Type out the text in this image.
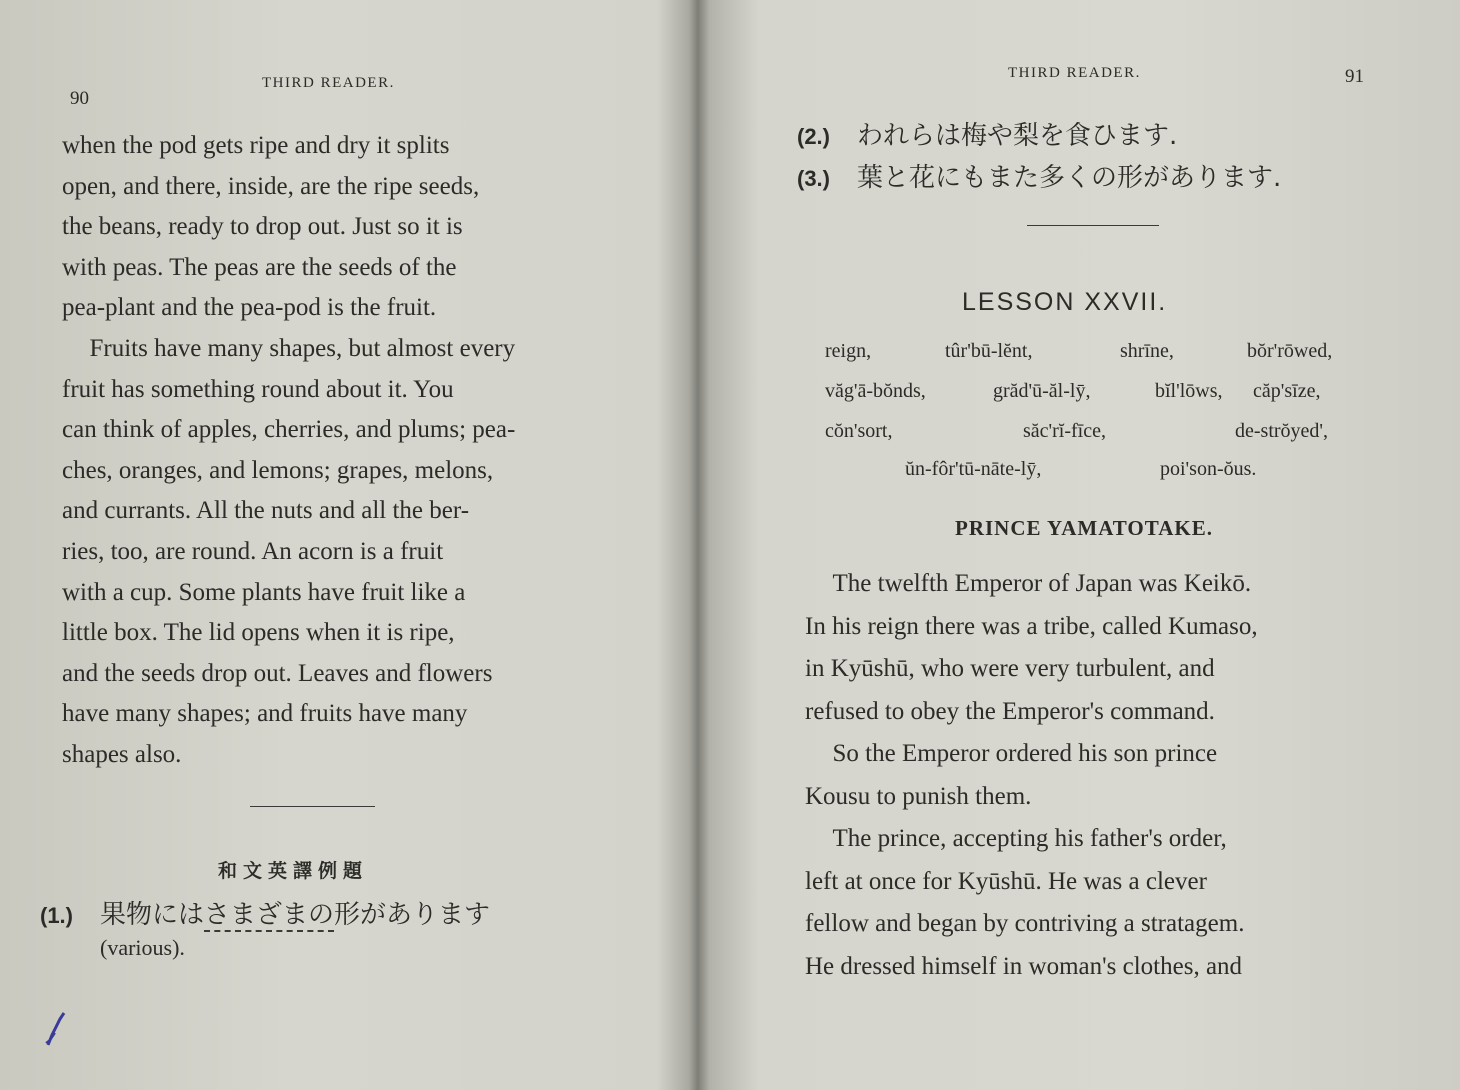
90
THIRD READER.

when the pod gets ripe and dry it splits

open, and there, inside, are the ripe seeds,

the beans, ready to drop out. Just so it is

with peas. The peas are the seeds of the

pea-plant and the pea-pod is the fruit.

Fruits have many shapes, but almost every

fruit has something round about it. You

can think of apples, cherries, and plums; pea-

ches, oranges, and lemons; grapes, melons,

and currants. All the nuts and all the ber-

ries, too, are round. An acorn is a fruit

with a cup. Some plants have fruit like a

little box. The lid opens when it is ripe,

and the seeds drop out. Leaves and flowers

have many shapes; and fruits have many

shapes also.

和文英譯例題
(1.) 果物にはさまざまの形があります
(various).
THIRD READER.	91
(2.) われらは梅や梨を食ひます.
(3.) 葉と花にもまた多くの形があります.
LESSON XXVII.
reign,	tûr'bū-lĕnt,	shrīne,	bŏr'rōwed,
văg'ā-bŏnds,	grăd'ū-ăl-lӯ,	bĭl'lōws, căp'sīze,
cŏn'sort,	săc'rĭ-fīce,	de-strŏyed',
ŭn-fôr'tū-nāte-lӯ,	poi'son-ŏus.
PRINCE YAMATOTAKE.

The twelfth Emperor of Japan was Keikō.

In his reign there was a tribe, called Kumaso,

in Kyūshū, who were very turbulent, and

refused to obey the Emperor's command.

So the Emperor ordered his son prince

Kousu to punish them.

The prince, accepting his father's order,

left at once for Kyūshū. He was a clever

fellow and began by contriving a stratagem.

He dressed himself in woman's clothes, and
